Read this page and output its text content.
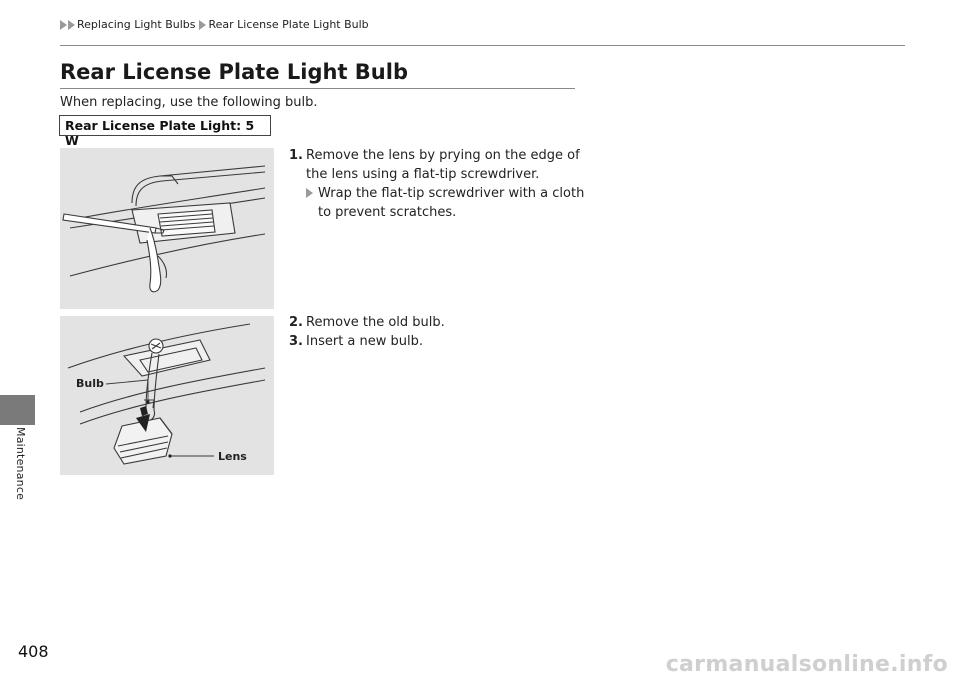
Replacing Light Bulbs Rear License Plate Light Bulb
Maintenance
408
Rear License Plate Light Bulb
When replacing, use the following bulb.
Rear License Plate Light: 5 W
Bulb
Lens
1. Remove the lens by prying on the edge of the lens using a flat-tip screwdriver.
Wrap the flat-tip screwdriver with a cloth to prevent scratches.
2. Remove the old bulb.
3. Insert a new bulb.
carmanualsonline.info
